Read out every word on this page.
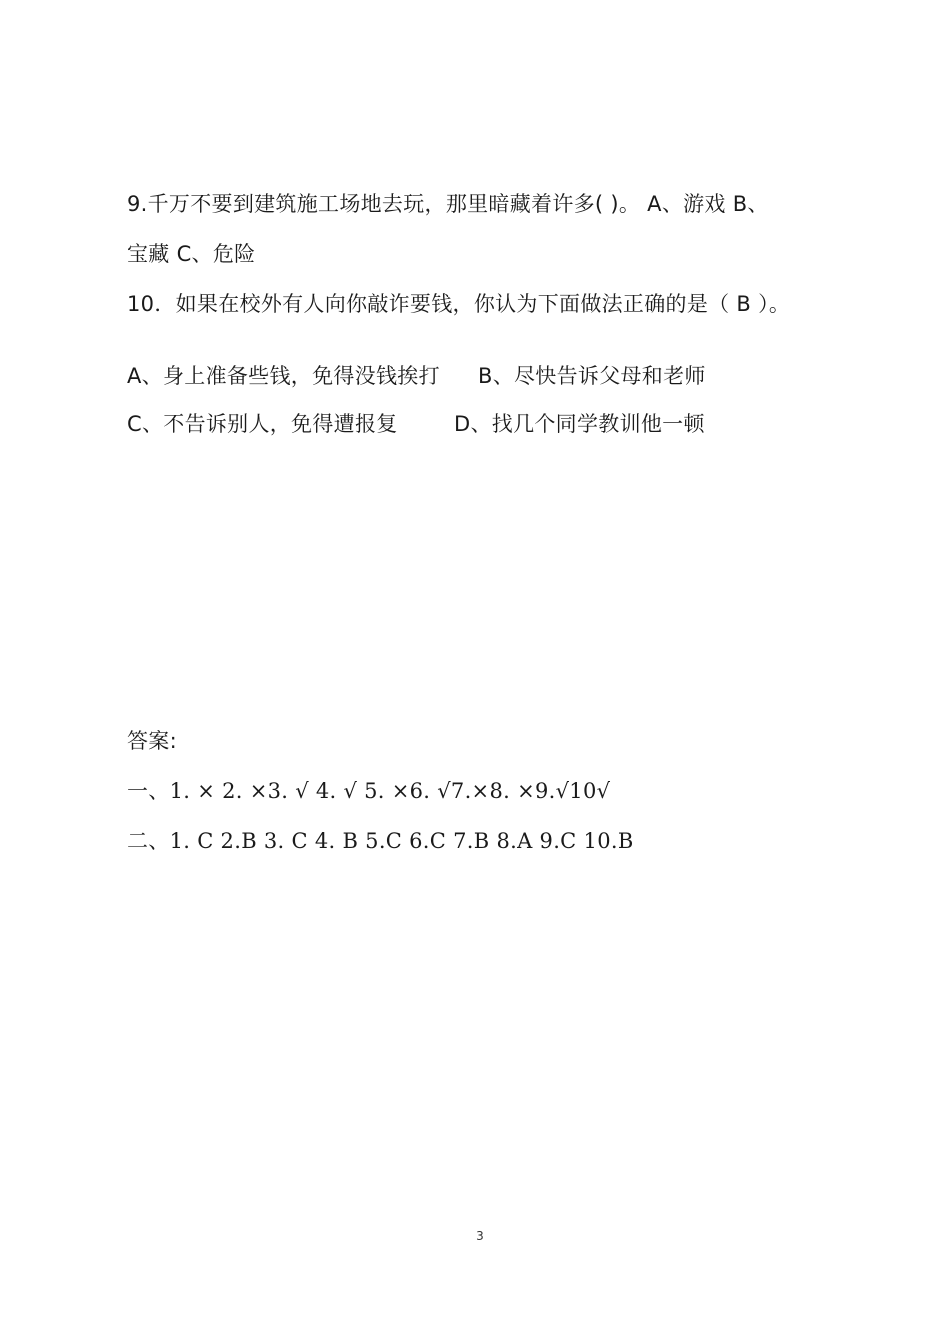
9.千万不要到建筑施工场地去玩，那里暗藏着许多( )。 A、游戏 B、
宝藏 C、危险
10．如果在校外有人向你敲诈要钱，你认为下面做法正确的是（ B ）。
A、身上准备些钱，免得没钱挨打 B、尽快告诉父母和老师
C、不告诉别人，免得遭报复	D、找几个同学教训他一顿
答案:
一、1. × 2. ×3. √ 4. √ 5. ×6. √7.×8. ×9.√10√
二、1. C 2.B 3. C 4. B 5.C 6.C 7.B 8.A 9.C 10.B
3
